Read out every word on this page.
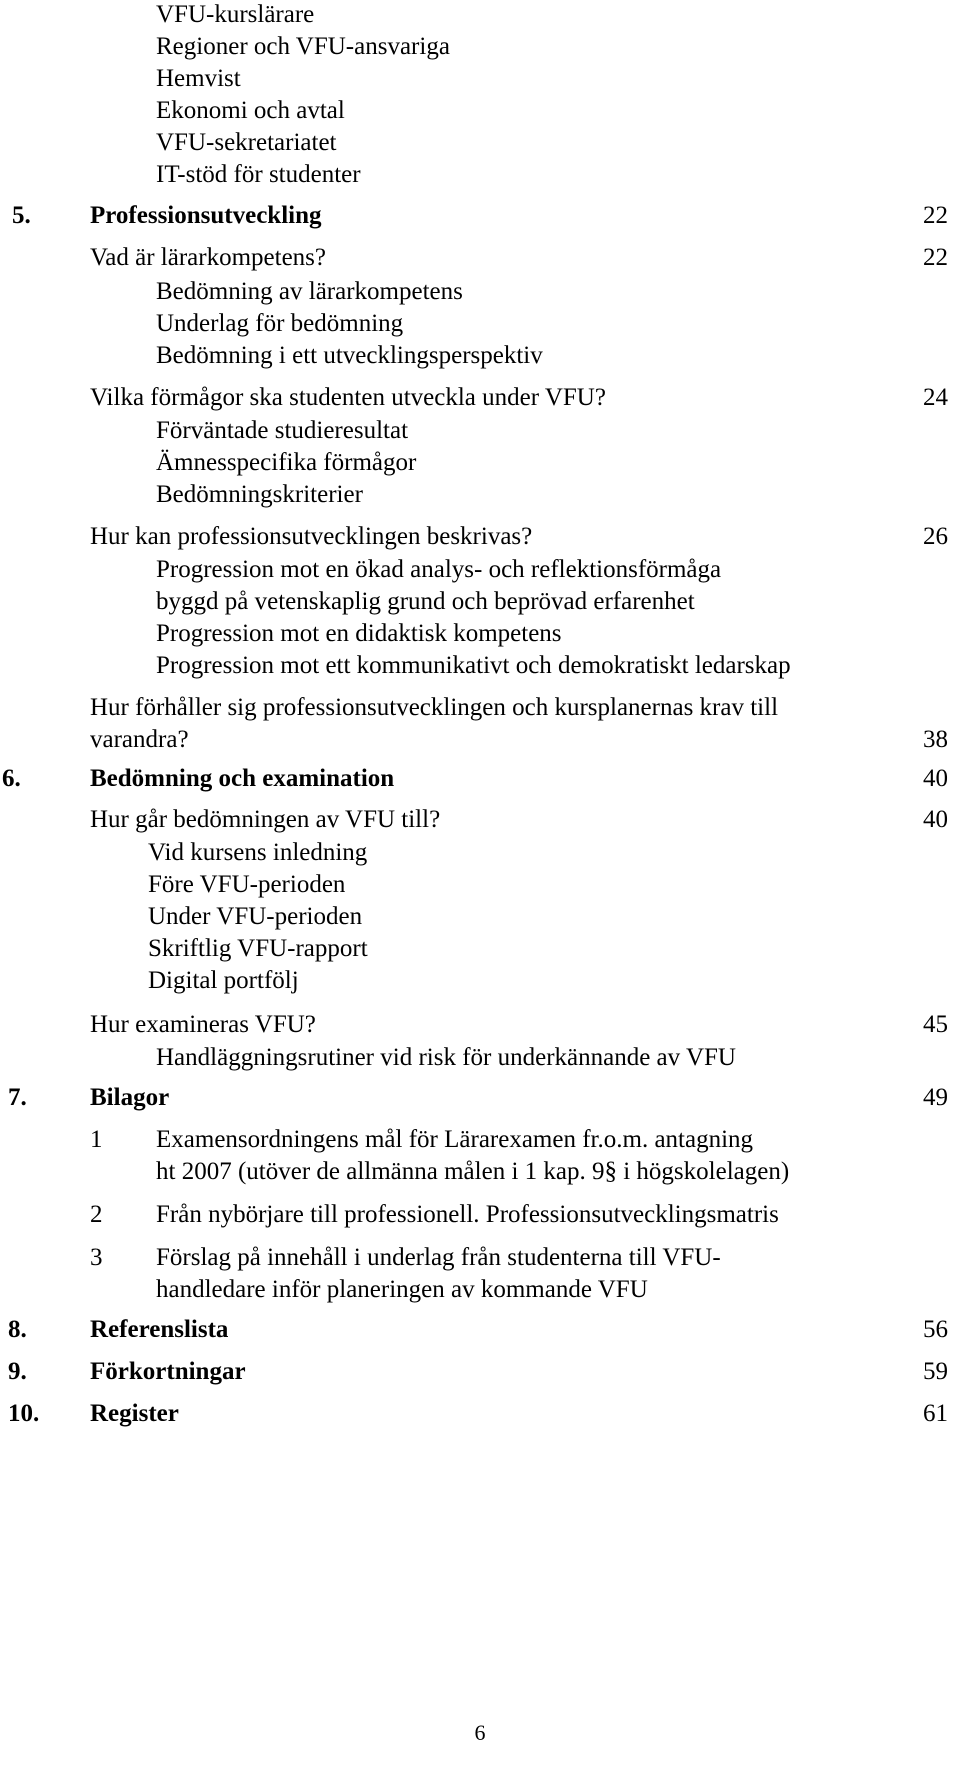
VFU-kurslärare
Regioner och VFU-ansvariga
Hemvist
Ekonomi och avtal
VFU-sekretariatet
IT-stöd för studenter
5. Professionsutveckling	22
Vad är lärarkompetens?	22
Bedömning av lärarkompetens
Underlag för bedömning
Bedömning i ett utvecklingsperspektiv
Vilka förmågor ska studenten utveckla under VFU?	24
Förväntade studieresultat
Ämnesspecifika förmågor
Bedömningskriterier
Hur kan professionsutvecklingen beskrivas?	26
Progression mot en ökad analys- och reflektionsförmåga
byggd på vetenskaplig grund och beprövad erfarenhet
Progression mot en didaktisk kompetens
Progression mot ett kommunikativt och demokratiskt ledarskap
Hur förhåller sig professionsutvecklingen och kursplanernas krav till
varandra?	38
6.	Bedömning och examination	40
Hur går bedömningen av VFU till?	40
Vid kursens inledning
Före VFU-perioden
Under VFU-perioden
Skriftlig VFU-rapport
Digital portfölj
Hur examineras VFU?	45
Handläggningsrutiner vid risk för underkännande av VFU
7.	Bilagor	49
1 Examensordningens mål för Lärarexamen fr.o.m. antagning
ht 2007 (utöver de allmänna målen i 1 kap. 9§ i högskolelagen)
2 Från nybörjare till professionell. Professionsutvecklingsmatris
3 Förslag på innehåll i underlag från studenterna till VFU-
handledare inför planeringen av kommande VFU
8.	Referenslista	56
9.	Förkortningar	59
10. Register	61
6
